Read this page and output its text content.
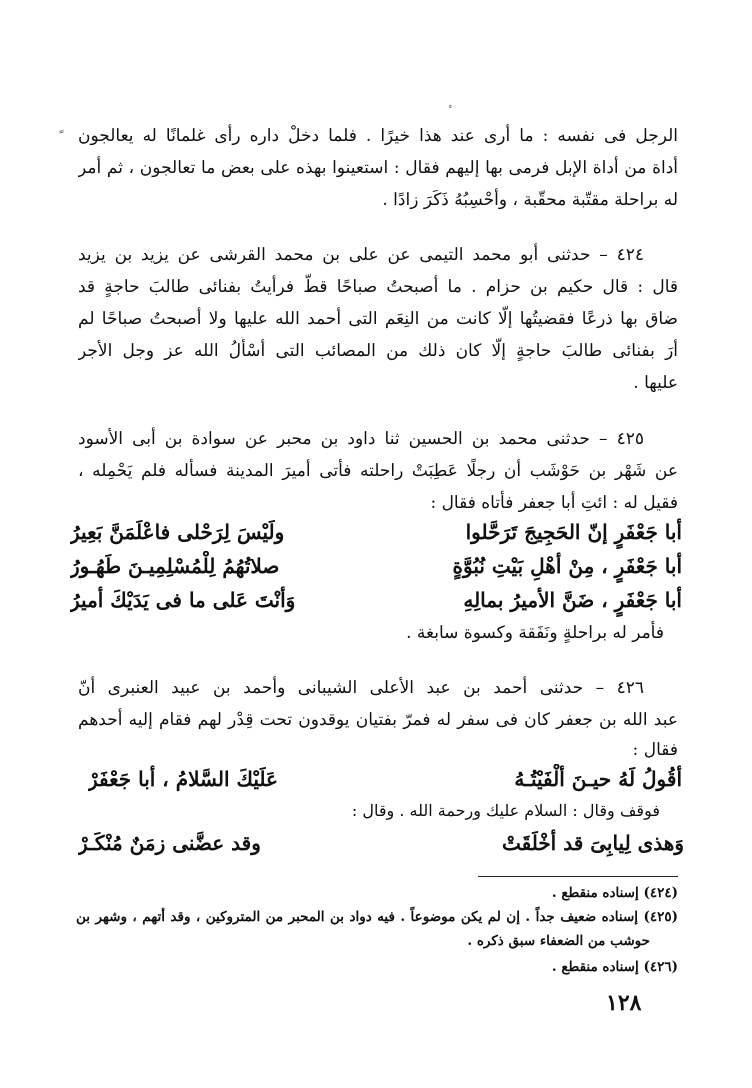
الرجل فى نفسه : ما أرى عند هذا خيرًا . فلما دخلْ داره رأى غلمانًا له يعالجون
أداة من أداة الإبل فرمى بها إليهم فقال : استعينوا بهذه على بعض ما تعالجون ، ثم أمر
له براحلة مقتّبة محقّبة ، وأحْسِبُهُ ذَكَرَ زادًا .
٤٢٤ – حدثنى أبو محمد التيمى عن على بن محمد القرشى عن يزيد بن يزيد
قال : قال حكيم بن حزام . ما أصبحتُ صباحًا قطّ فرأيتُ بفنائى طالبَ حاجةٍ قد
ضاق بها ذرعًا فقضيتُها إلّا كانت من النِعَم التى أحمد الله عليها ولا أصبحتُ صباحًا لم
أرَ بفنائى طالبَ حاجةٍ إلّا كان ذلك من المصائب التى أسْأَلُ الله عز وجل الأجر
عليها .
٤٢٥ – حدثنى محمد بن الحسين ثنا داود بن محبر عن سوادة بن أبى الأسود
عن شَهْر بن حَوْشَب أن رجلًا عَطِبَتْ راحلته فأتى أميرَ المدينة فسأله فلم يَحْمِله ،
فقيل له : ائتِ أبا جعفر فأتاه فقال :
أبا جَعْفَرٍ إنّ الحَجِيجَ تَرَحَّلوا
ولَيْسَ لِرَحْلى فاعْلَمَنَّ بَعِيرُ
أبا جَعْفَرٍ ، مِنْ أهْلِ بَيْتِ نُبُوَّةٍ
صلاتُهُمُ لِلْمُسْلِمِيـنَ طَهُـورُ
أبا جَعْفَرٍ ، ضَنَّ الأميرُ بمالِهِ
وَأنْتَ عَلى ما فى يَدَيْكَ أميرُ
فأمر له براحلةٍ ونَفَقة وكسوة سابغة .
٤٢٦ – حدثنى أحمد بن عبد الأعلى الشيبانى وأحمد بن عبيد العنبرى أنّ
عبد الله بن جعفر كان فى سفر له فمرّ بفتيان يوقدون تحت قِدْر لهم فقام إليه أحدهم
فقال :
أقُولُ لَهُ حيـنَ ألْفَيْتُـهُ
عَلَيْكَ السَّلامُ ، أبا جَعْفَرْ
فوقف وقال : السلام عليك ورحمة الله . وقال :
وَهذى لِيابِىَ قد أخْلَقَتْ
وقد عضَّنى زمَنٌ مُنْكَـرْ
(٤٢٤) إسناده منقطع .
(٤٢٥) إسناده ضعيف جداً . إن لم يكن موضوعاً . فيه دواد بن المحبر من المتروكين ، وقد أتهم ، وشهر بن
حوشب من الضعفاء سبق ذكره .
(٤٢٦) إسناده منقطع .
١٢٨
